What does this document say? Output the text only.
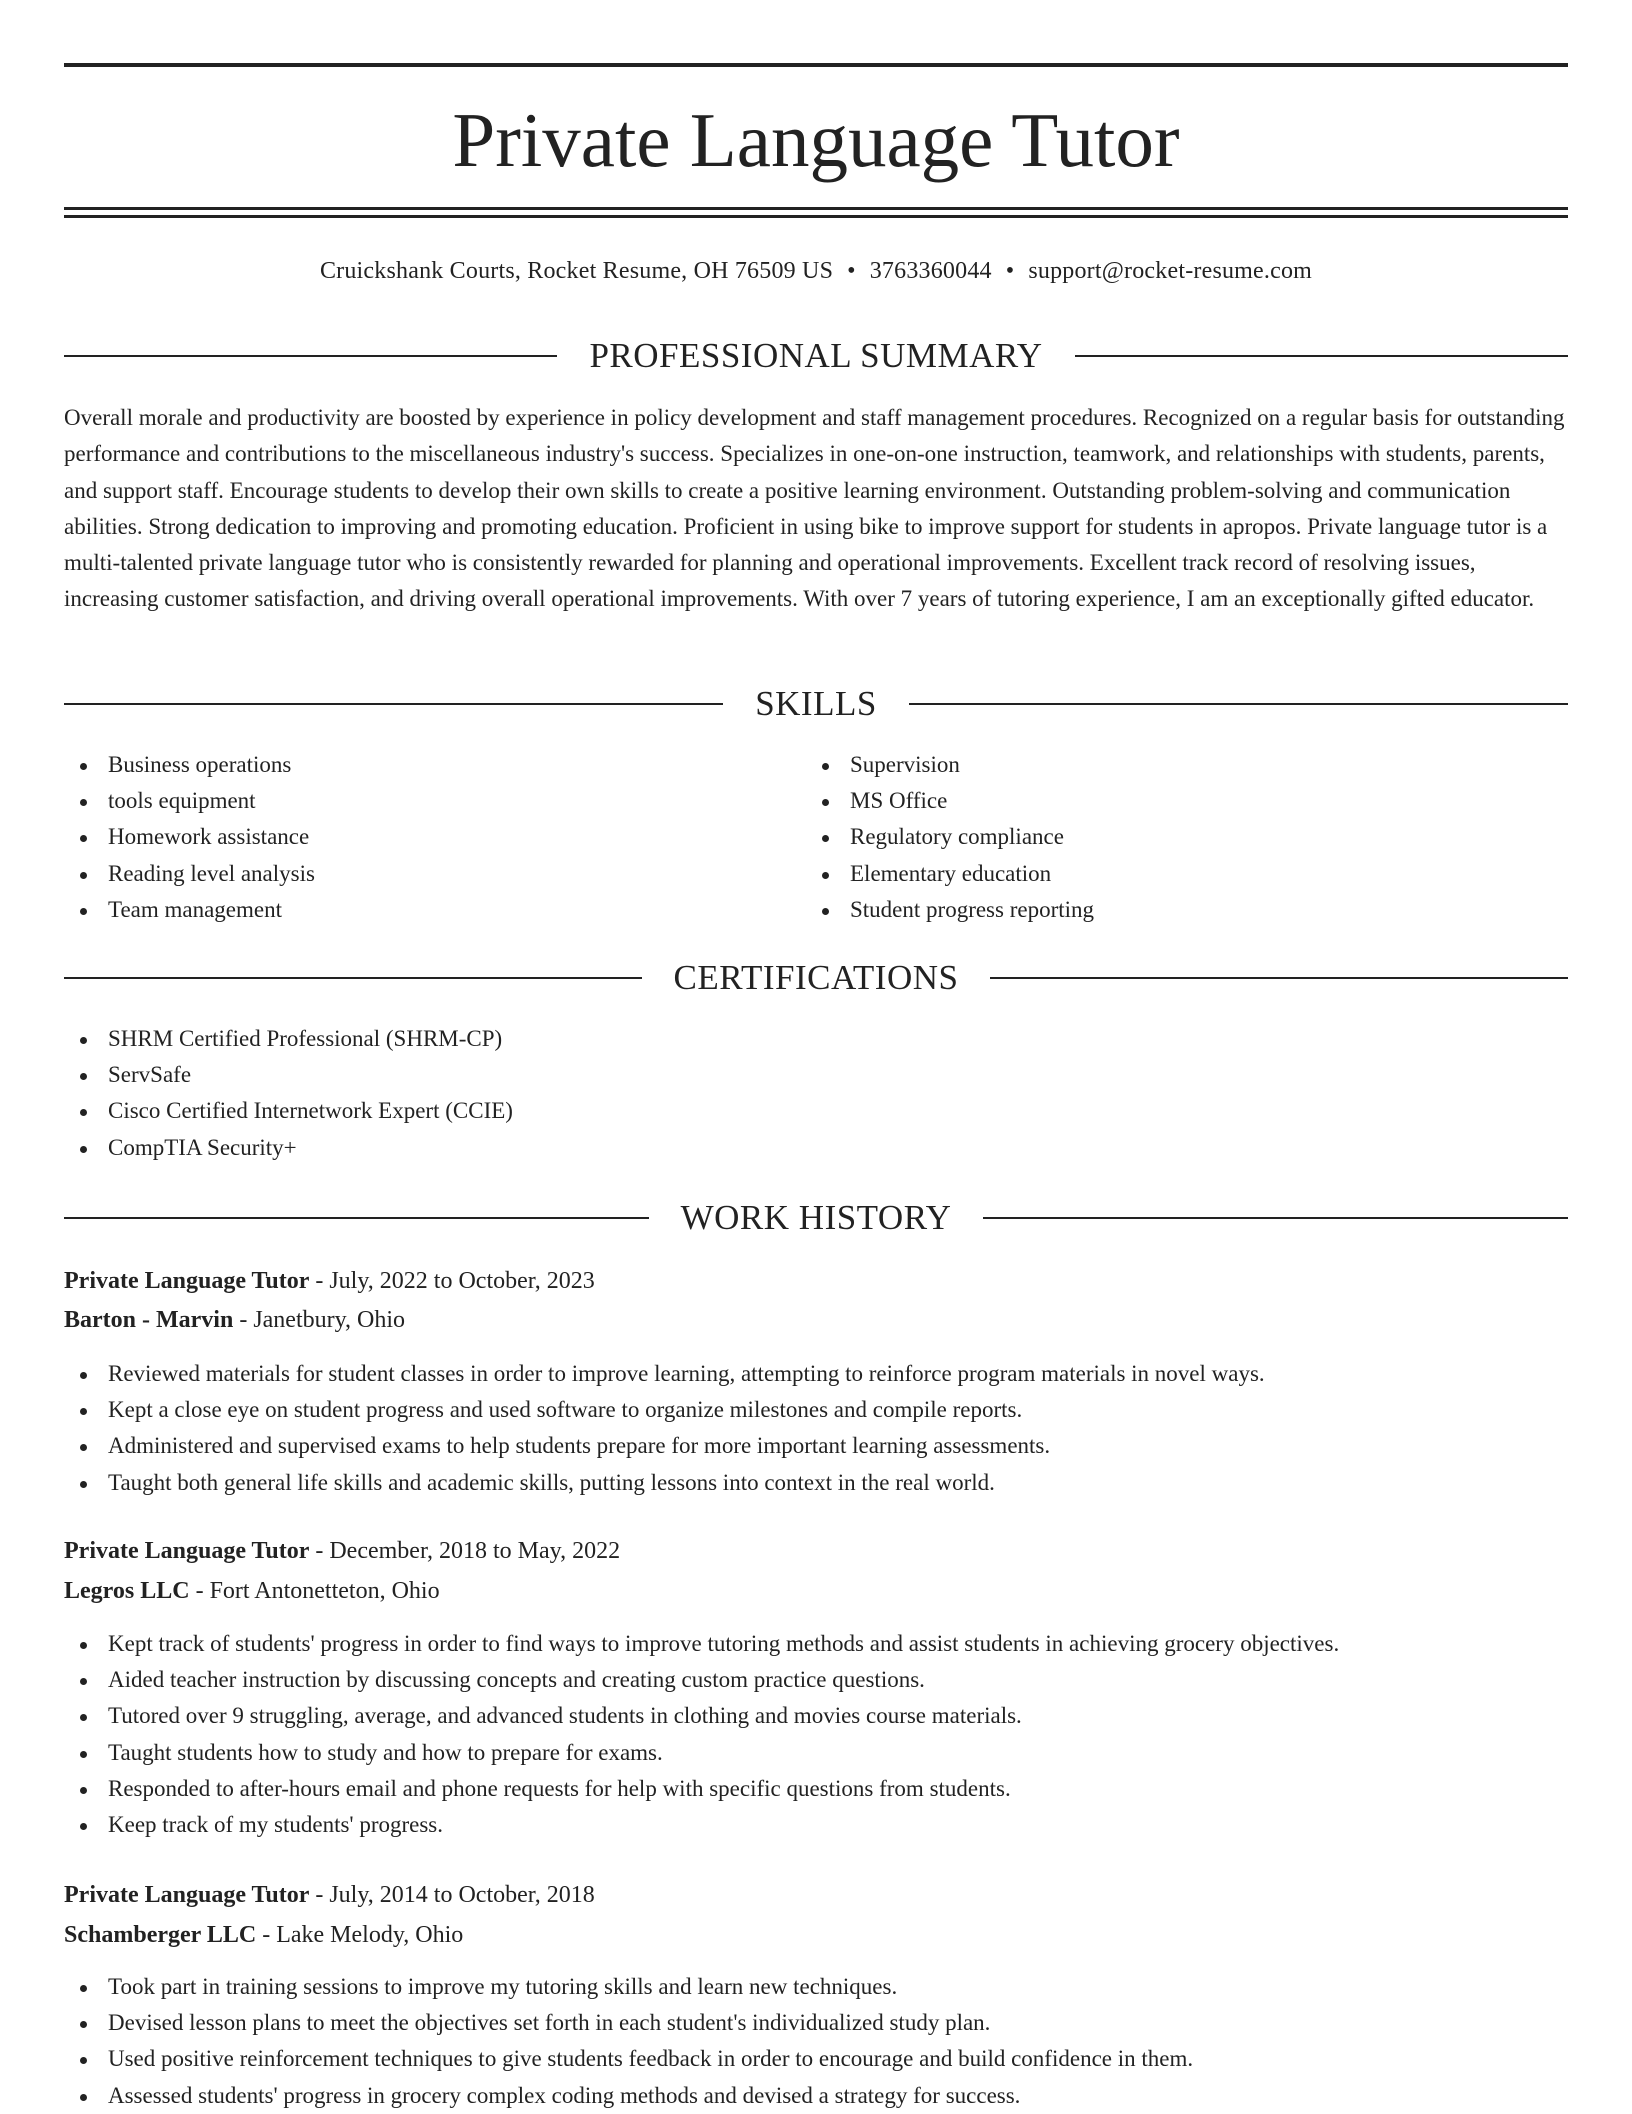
Private Language Tutor
Cruickshank Courts, Rocket Resume, OH 76509 US • 3763360044 • support@rocket-resume.com
PROFESSIONAL SUMMARY

Overall morale and productivity are boosted by experience in policy development and staff management procedures. Recognized on a regular basis for outstanding performance and contributions to the miscellaneous industry's success. Specializes in one-on-one instruction, teamwork, and relationships with students, parents, and support staff. Encourage students to develop their own skills to create a positive learning environment. Outstanding problem-solving and communication abilities. Strong dedication to improving and promoting education. Proficient in using bike to improve support for students in apropos. Private language tutor is a multi-talented private language tutor who is consistently rewarded for planning and operational improvements. Excellent track record of resolving issues, increasing customer satisfaction, and driving overall operational improvements. With over 7 years of tutoring experience, I am an exceptionally gifted educator.

SKILLS
Business operations
tools equipment
Homework assistance
Reading level analysis
Team management
Supervision
MS Office
Regulatory compliance
Elementary education
Student progress reporting
CERTIFICATIONS
SHRM Certified Professional (SHRM-CP)
ServSafe
Cisco Certified Internetwork Expert (CCIE)
CompTIA Security+
WORK HISTORY
Private Language Tutor - July, 2022 to October, 2023
Barton - Marvin - Janetbury, Ohio
Reviewed materials for student classes in order to improve learning, attempting to reinforce program materials in novel ways.
Kept a close eye on student progress and used software to organize milestones and compile reports.
Administered and supervised exams to help students prepare for more important learning assessments.
Taught both general life skills and academic skills, putting lessons into context in the real world.
Private Language Tutor - December, 2018 to May, 2022
Legros LLC - Fort Antonetteton, Ohio
Kept track of students' progress in order to find ways to improve tutoring methods and assist students in achieving grocery objectives.
Aided teacher instruction by discussing concepts and creating custom practice questions.
Tutored over 9 struggling, average, and advanced students in clothing and movies course materials.
Taught students how to study and how to prepare for exams.
Responded to after-hours email and phone requests for help with specific questions from students.
Keep track of my students' progress.
Private Language Tutor - July, 2014 to October, 2018
Schamberger LLC - Lake Melody, Ohio
Took part in training sessions to improve my tutoring skills and learn new techniques.
Devised lesson plans to meet the objectives set forth in each student's individualized study plan.
Used positive reinforcement techniques to give students feedback in order to encourage and build confidence in them.
Assessed students' progress in grocery complex coding methods and devised a strategy for success.
